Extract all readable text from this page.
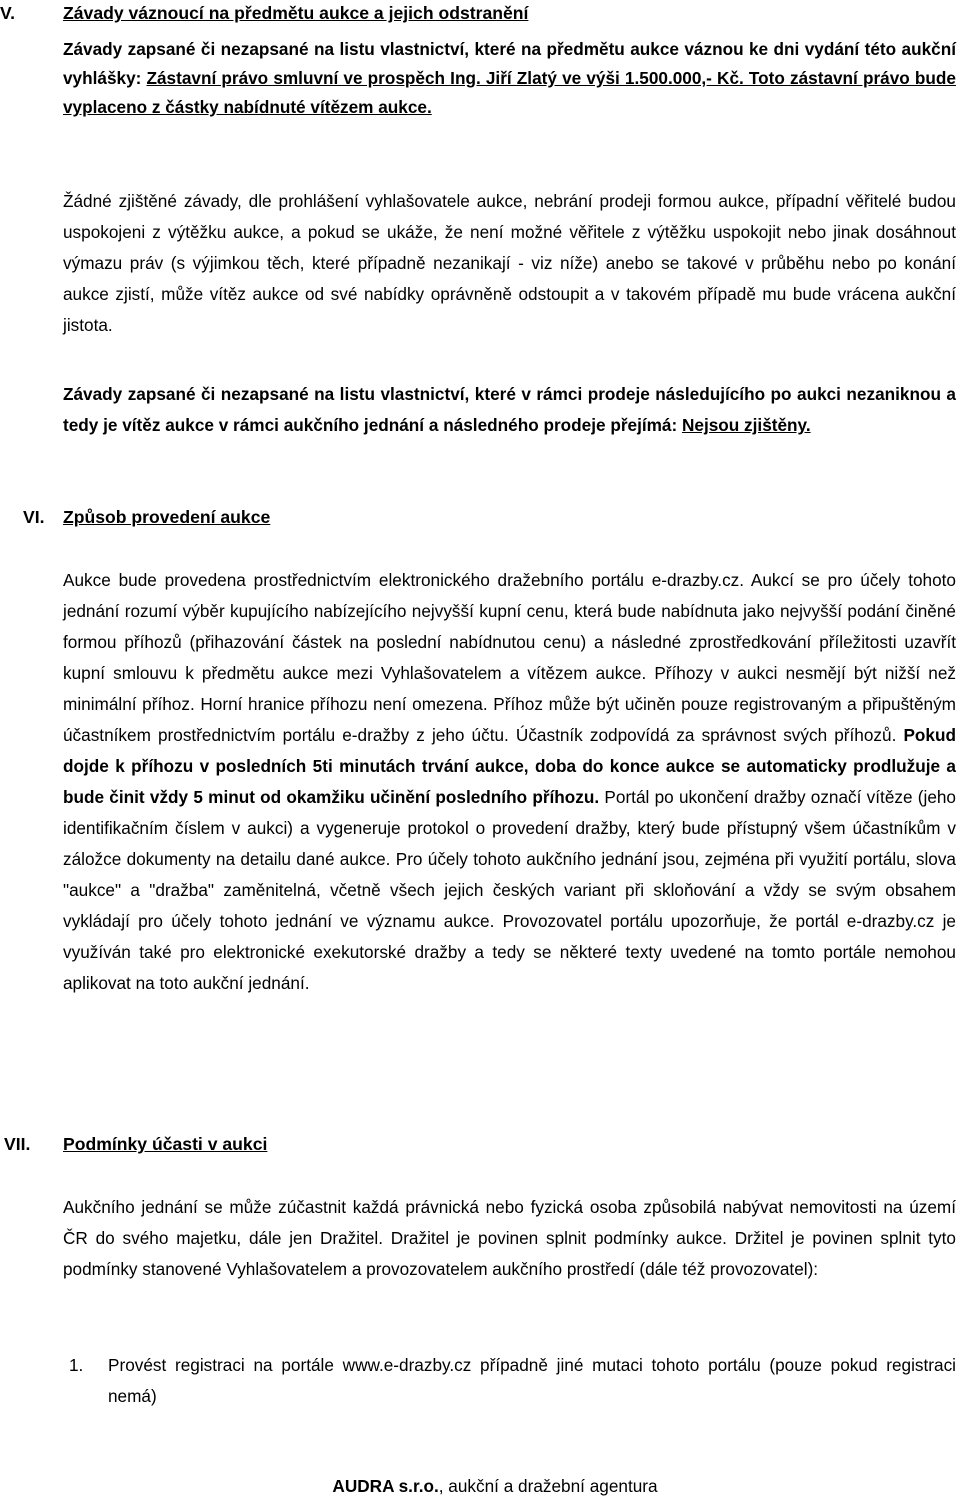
V.	Závady váznoucí na předmětu aukce a jejich odstranění
Závady zapsané či nezapsané na listu vlastnictví, které na předmětu aukce váznou ke dni vydání této aukční vyhlášky: Zástavní právo smluvní ve prospěch Ing. Jiří Zlatý ve výši 1.500.000,- Kč. Toto zástavní právo bude vyplaceno z částky nabídnuté vítězem aukce.
Žádné zjištěné závady, dle prohlášení vyhlašovatele aukce, nebrání prodeji formou aukce, případní věřitelé budou uspokojeni z výtěžku aukce, a pokud se ukáže, že není možné věřitele z výtěžku uspokojit nebo jinak dosáhnout výmazu práv (s výjimkou těch, které případně nezanikají - viz níže) anebo se takové v průběhu nebo po konání aukce zjistí, může vítěz aukce od své nabídky oprávněně odstoupit a v takovém případě mu bude vrácena aukční jistota.
Závady zapsané či nezapsané na listu vlastnictví, které v rámci prodeje následujícího po aukci nezaniknou a tedy je vítěz aukce v rámci aukčního jednání a následného prodeje přejímá: Nejsou zjištěny.
VI.	Způsob provedení aukce
Aukce bude provedena prostřednictvím elektronického dražebního portálu e-drazby.cz. Aukcí se pro účely tohoto jednání rozumí výběr kupujícího nabízejícího nejvyšší kupní cenu, která bude nabídnuta jako nejvyšší podání činěné formou příhozů (přihazování částek na poslední nabídnutou cenu) a následné zprostředkování příležitosti uzavřít kupní smlouvu k předmětu aukce mezi Vyhlašovatelem a vítězem aukce. Příhozy v aukci nesmějí být nižší než minimální příhoz. Horní hranice příhozu není omezena. Příhoz může být učiněn pouze registrovaným a připuštěným účastníkem prostřednictvím portálu e-dražby z jeho účtu. Účastník zodpovídá za správnost svých příhozů. Pokud dojde k příhozu v posledních 5ti minutách trvání aukce, doba do konce aukce se automaticky prodlužuje a bude činit vždy 5 minut od okamžiku učinění posledního příhozu. Portál po ukončení dražby označí vítěze (jeho identifikačním číslem v aukci) a vygeneruje protokol o provedení dražby, který bude přístupný všem účastníkům v záložce dokumenty na detailu dané aukce. Pro účely tohoto aukčního jednání jsou, zejména při využití portálu, slova "aukce" a "dražba" zaměnitelná, včetně všech jejich českých variant při skloňování a vždy se svým obsahem vykládají pro účely tohoto jednání ve významu aukce. Provozovatel portálu upozorňuje, že portál e-drazby.cz je využíván také pro elektronické exekutorské dražby a tedy se některé texty uvedené na tomto portále nemohou aplikovat na toto aukční jednání.
VII.	Podmínky účasti v aukci
Aukčního jednání se může zúčastnit každá právnická nebo fyzická osoba způsobilá nabývat nemovitosti na území ČR do svého majetku, dále jen Dražitel. Dražitel je povinen splnit podmínky aukce. Držitel je povinen splnit tyto podmínky stanovené Vyhlašovatelem a provozovatelem aukčního prostředí (dále též provozovatel):
1. Provést registraci na portále www.e-drazby.cz případně jiné mutaci tohoto portálu (pouze pokud registraci nemá)
AUDRA s.r.o., aukční a dražební agentura
